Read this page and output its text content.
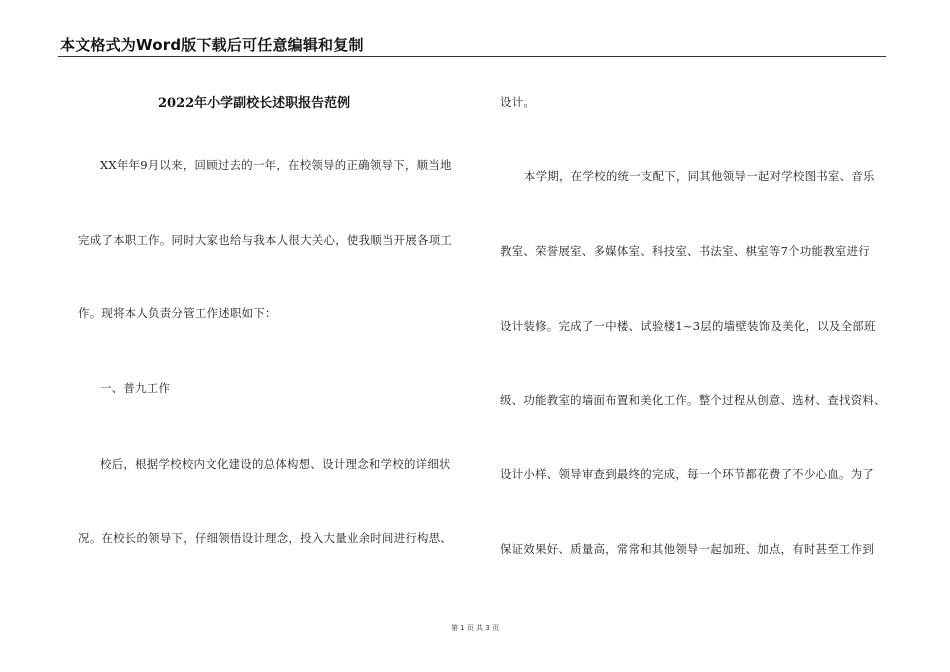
本文格式为Word版下载后可任意编辑和复制
2022年小学副校长述职报告范例
XX年年9月以来，回顾过去的一年，在校领导的正确领导下，顺当地
完成了本职工作。同时大家也给与我本人很大关心，使我顺当开展各项工
作。现将本人负责分管工作述职如下：
一、普九工作
校后，根据学校校内文化建设的总体构想、设计理念和学校的详细状
况。在校长的领导下，仔细领悟设计理念，投入大量业余时间进行构思、
设计。
本学期，在学校的统一支配下，同其他领导一起对学校图书室、音乐
教室、荣誉展室、多媒体室、科技室、书法室、棋室等7个功能教室进行
设计装修。完成了一中楼、试验楼1~3层的墙壁装饰及美化，以及全部班
级、功能教室的墙面布置和美化工作。整个过程从创意、选材、查找资料、
设计小样、领导审查到最终的完成，每一个环节都花费了不少心血。为了
保证效果好、质量高，常常和其他领导一起加班、加点，有时甚至工作到
第 1 页 共 3 页
